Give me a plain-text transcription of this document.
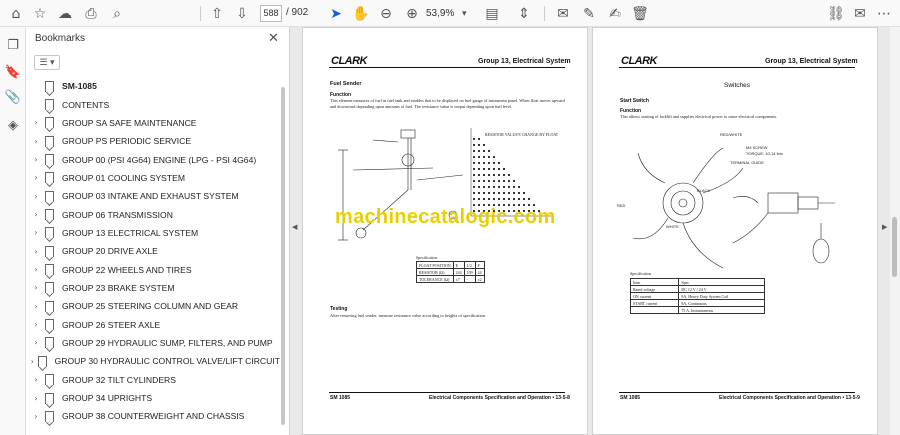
⌂ ☆ ☁ ⎙	⌕	⇧ ⇩	588 / 902 ➤ ✋ ⊖ ⊕ 53,9% ▾ ▤ ⇕ ✉ ✎ ✍ 🗑	⛓ ✉ ⋯
❐
🔖
📎
◈
Bookmarks	✕
☰ ▾
SM-1085
CONTENTS
›	GROUP SA SAFE MAINTENANCE
›	GROUP PS PERIODIC SERVICE
›	GROUP 00 (PSI 4G64) ENGINE (LPG - PSI 4G64)
›	GROUP 01 COOLING SYSTEM
›	GROUP 03 INTAKE AND EXHAUST SYSTEM
›	GROUP 06 TRANSMISSION
›	GROUP 13 ELECTRICAL SYSTEM
›	GROUP 20 DRIVE AXLE
›	GROUP 22 WHEELS AND TIRES
›	GROUP 23 BRAKE SYSTEM
›	GROUP 25 STEERING COLUMN AND GEAR
›	GROUP 26 STEER AXLE
›	GROUP 29 HYDRAULIC SUMP, FILTERS, AND PUMP
› GROUP 30 HYDRAULIC CONTROL VALVE/LIFT CIRCUIT
›	GROUP 32 TILT CYLINDERS
›	GROUP 34 UPRIGHTS
›	GROUP 38 COUNTERWEIGHT AND CHASSIS
◀
CLARK	Group 13, Electrical System
Fuel Sender
Function
This element measures of fuel in fuel tank and enables that to be displayed on fuel gauge of instrument panel. When float moves upward and downward depending upon amounts of fuel. The resistance value is output depending upon fuel level.
RESISTOR VALUE'S CHANGE BY FLOAT
Specification
FLOAT POSITION	E	1/2	F
RESISTOR (Ω)	244	109	24
TOLERANCE (Ω)	±7	-	±2
Testing
After removing fuel sender, measure resistance value according to heights of specification.
SM 1085	Electrical Components Specification and Operation • 13-5-8
CLARK	Group 13, Electrical System
Switches
Start Switch
Function
This allows starting of forklift and supplies electrical power to some electrical components.
RED/WHITE
M4 SCREW
TORQUE: 10-14 lbin
TERMINAL GUIDE
BLACK
RED
WHITE
Specification
Item	Spec
Rated voltage	DC 12 V / 24 V
ON current	8A, Heavy Duty System Coil
START current	8A, Continuous
	75 A, Instantaneous
SM 1085	Electrical Components Specification and Operation • 13-5-9
▶
machinecatalogic.com
